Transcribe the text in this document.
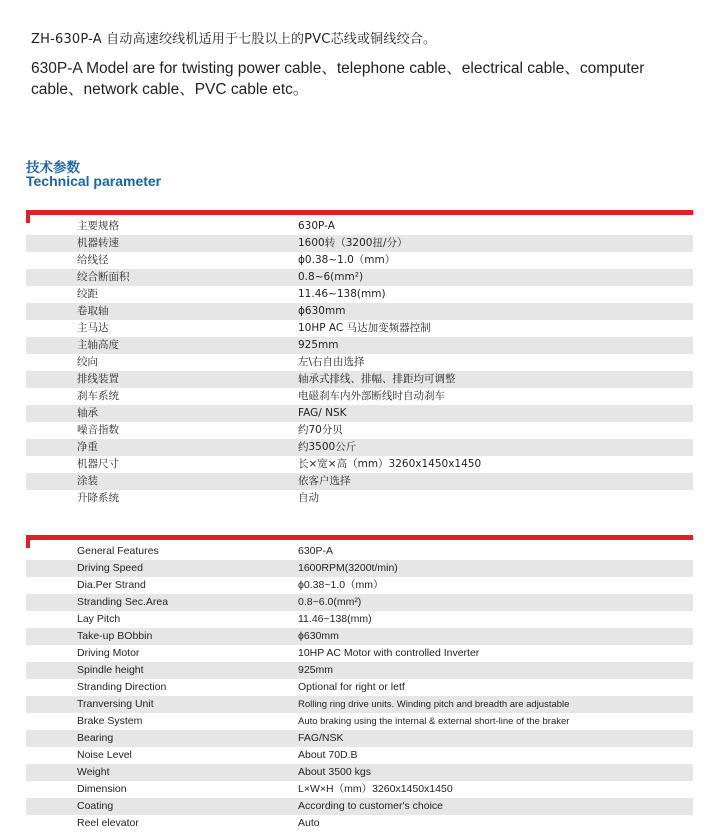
ZH-630P-A 自动高速绞线机适用于七股以上的PVC芯线或铜线绞合。
630P-A Model are for twisting power cable、telephone cable、electrical cable、computer cable、network cable、PVC cable etc。
技术参数
Technical parameter
主要规格	630P-A
机器转速	1600转（3200扭/分）
给线径	ϕ0.38~1.0（mm）
绞合断面积	0.8~6(mm²)
绞距	11.46~138(mm)
卷取轴	ϕ630mm
主马达	10HP AC 马达加变频器控制
主轴高度	925mm
绞向	左\右自由选择
排线装置	轴承式排线、排幅、排距均可调整
刹车系统	电磁刹车内外部断线时自动刹车
轴承	FAG/ NSK
噪音指数	约70分贝
净重	约3500公斤
机器尺寸	长×宽×高（mm）3260x1450x1450
涂装	依客户选择
升降系统	自动
General Features	630P-A
Driving Speed	1600RPM(3200t/min)
Dia.Per Strand	ϕ0.38~1.0（mm）
Stranding Sec.Area	0.8~6.0(mm²)
Lay Pitch	11.46~138(mm)
Take-up BObbin	ϕ630mm
Driving Motor	10HP AC Motor with controlled Inverter
Spindle height	925mm
Stranding Direction	Optional for right or letf
Tranversing Unit	Rolling ring drive units. Winding pitch and breadth are adjustable
Brake System	Auto braking using the internal & external short-line of the braker
Bearing	FAG/NSK
Noise Level	About 70D.B
Weight	About 3500 kgs
Dimension	L×W×H（mm）3260x1450x1450
Coating	According to customer's choice
Reel elevator	Auto
